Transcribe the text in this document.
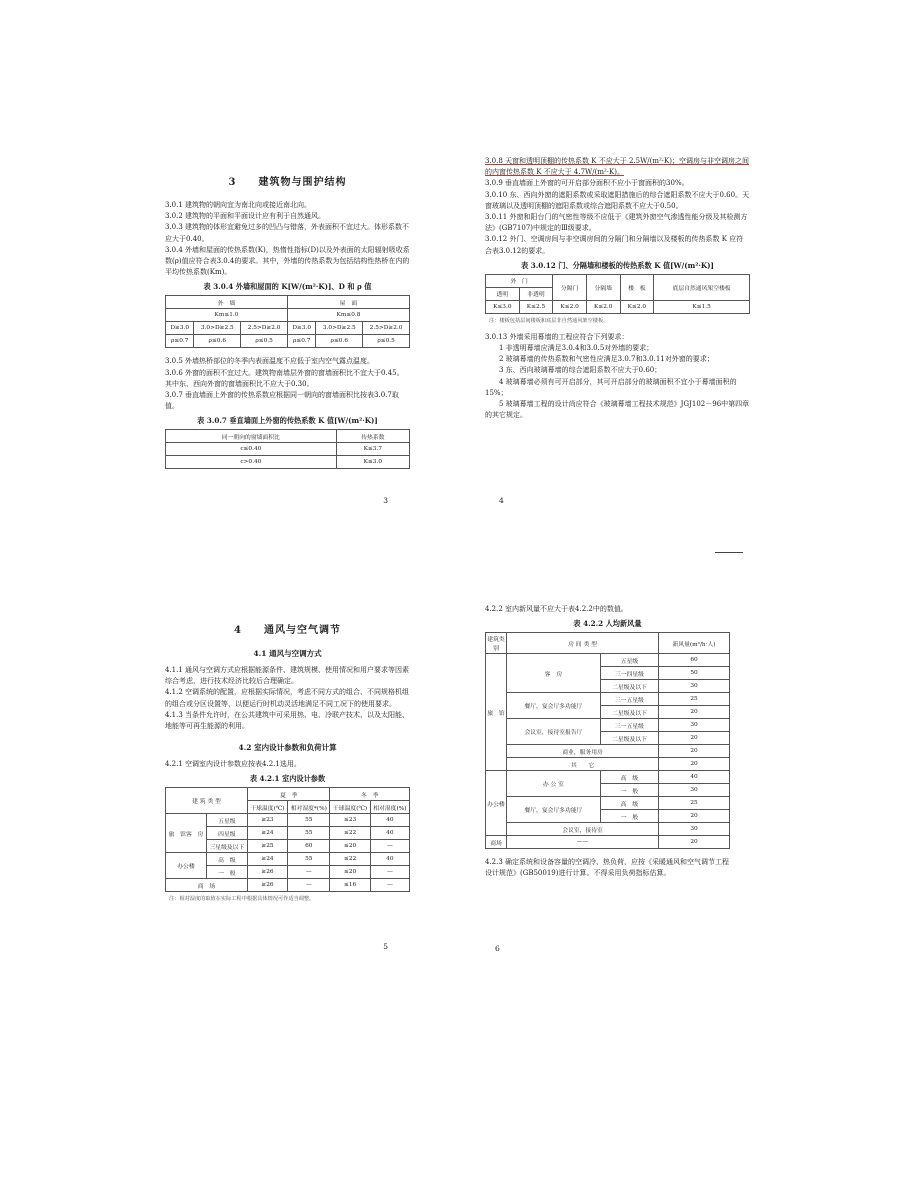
3 建筑物与围护结构

3.0.1 建筑物的朝向宜为南北向或接近南北向。

3.0.2 建筑物的平面和平面设计应有利于自然通风。

3.0.3 建筑物的体形宜避免过多的凹凸与错落，外表面积不宜过大。体形系数不应大于0.40。

3.0.4 外墙和屋面的传热系数(K)，热惰性指标(D)以及外表面的太阳辐射吸收系数(ρ)值应符合表3.0.4的要求。其中，外墙的传热系数为包括结构性热桥在内的平均传热系数(Km)。

表 3.0.4 外墙和屋面的 K[W/(m²·K)]、D 和 ρ 值
外　墙			屋　面		
Km≤1.0			Km≤0.8		
D≥3.0	3.0>D≥2.5	2.5>D≥2.0	D≥3.0	3.0>D≥2.5	2.5>D≥2.0
ρ≤0.7	ρ≤0.6	ρ≤0.5	ρ≤0.7	ρ≤0.6	ρ≤0.5

3.0.5 外墙热桥部位的冬季内表面温度不应低于室内空气露点温度。

3.0.6 外窗的面积不宜过大。建筑物南墙层外窗的窗墙面积比不宜大于0.45。其中东、西向外窗的窗墙面积比不应大于0.30。

3.0.7 垂直墙面上外窗的传热系数应根据同一朝向的窗墙面积比按表3.0.7取值。

表 3.0.7 垂直墙面上外窗的传热系数 K 值[W/(m²·K)]
同一朝向的窗墙面积比	传热系数
c≤0.40	K≤3.7
c>0.40	K≤3.0
3

3.0.8 天窗和透明顶棚的传热系数 K 不应大于 2.5W/(m²·K)；空调房与非空调房之间的内窗传热系数 K 不应大于 4.7W/(m²·K)。

3.0.9 垂直墙面上外窗的可开启部分面积不应小于窗面积的30%。

3.0.10 东、西向外窗的遮阳系数或采取遮阳措施后的综合遮阳系数不应大于0.60。天窗玻璃以及透明顶棚的遮阳系数或综合遮阳系数不应大于0.50。

3.0.11 外窗和阳台门的气密性等级不应低于《建筑外窗空气渗透性能分级及其检测方法》(GB7107)中规定的Ⅲ级要求。

3.0.12 外门、空调房间与非空调房间的分隔门和分隔墙以及楼板的传热系数 K 应符合表3.0.12的要求。

表 3.0.12 门、分隔墙和楼板的传热系数 K 值[W/(m²·K)]
外　门		分隔门	分隔墙	楼　板	底层自然通风架空楼板
透明	非透明				
K≤3.0	K≤2.5	K≤2.0	K≤2.0	K≤2.0	K≤1.5
注：楼板包括层间楼板和底层非自然通风架空楼板。

3.0.13 外墙采用幕墙的工程应符合下列要求：

1 非透明幕墙应满足3.0.4和3.0.5对外墙的要求；

2 玻璃幕墙的传热系数和气密性应满足3.0.7和3.0.11对外窗的要求；

3 东、西向玻璃幕墙的综合遮阳系数不应大于0.60；

4 玻璃幕墙必须有可开启部分，其可开启部分的玻璃面积不宜小于幕墙面积的15%；

5 玻璃幕墙工程的设计尚应符合《玻璃幕墙工程技术规范》JGJ102－96中第四章的其它规定。

4
4 通风与空气调节
4.1 通风与空调方式

4.1.1 通风与空调方式应根据能源条件、建筑规模、使用情况和用户要求等因素综合考虑，进行技术经济比较后合理确定。

4.1.2 空调系统的配置，应根据实际情况，考虑不同方式的组合、不同规格机组的组合或分区设置等，以便运行时机动灵活地满足不同工况下的使用要求。

4.1.3 当条件允许时，在公共建筑中可采用热、电、冷联产技术、以及太阳能、地能等可再生能源的利用。

4.2 室内设计参数和负荷计算

4.2.1 空调室内设计参数应按表4.2.1选用。

表 4.2.1 室内设计参数
建 筑 类 型		夏　季		冬　季	
		干球温度(℃)	相对湿度*(%)	干球温度(℃)	相对湿度(%)
旅　馆客　房	五星级	≥23	55	≤23	40
	四星级	≥24	55	≤22	40
	三星级及以下	≥25	60	≤20	—
办公楼	高　级	≥24	55	≤22	40
	一　般	≥26	—	≤20	—
商　场		≥26	—	≤16	—
注：相对湿度的取值在实际工程中根据具体情况可作适当调整。
5

4.2.2 室内新风量不应大于表4.2.2中的数值。

表 4.2.2 人均新风量
建筑类别	房 间 类 型		新风量(m³/h·人)
旅　馆	客　房	五星级	60
		三一四星级	50
		二星级及以下	30
	餐厅，宴会厅多功能厅	三一五星级	25
		二星级及以下	20
	会议室，接待室报告厅	三一五星级	30
		二星级及以下	20
	商业，服务用房		20
	其　　它		20
办公楼	办 公 室	高　级	40
		一　般	30
	餐厅，宴会厅多功能厅	高　级	25
		一　般	20
	会议室，接待室		30
商场	——		20

4.2.3 确定系统和设备容量的空调冷、热负荷，应按《采暖通风和空气调节工程设计规范》(GB50019)进行计算。不得采用负荷指标估算。

6
